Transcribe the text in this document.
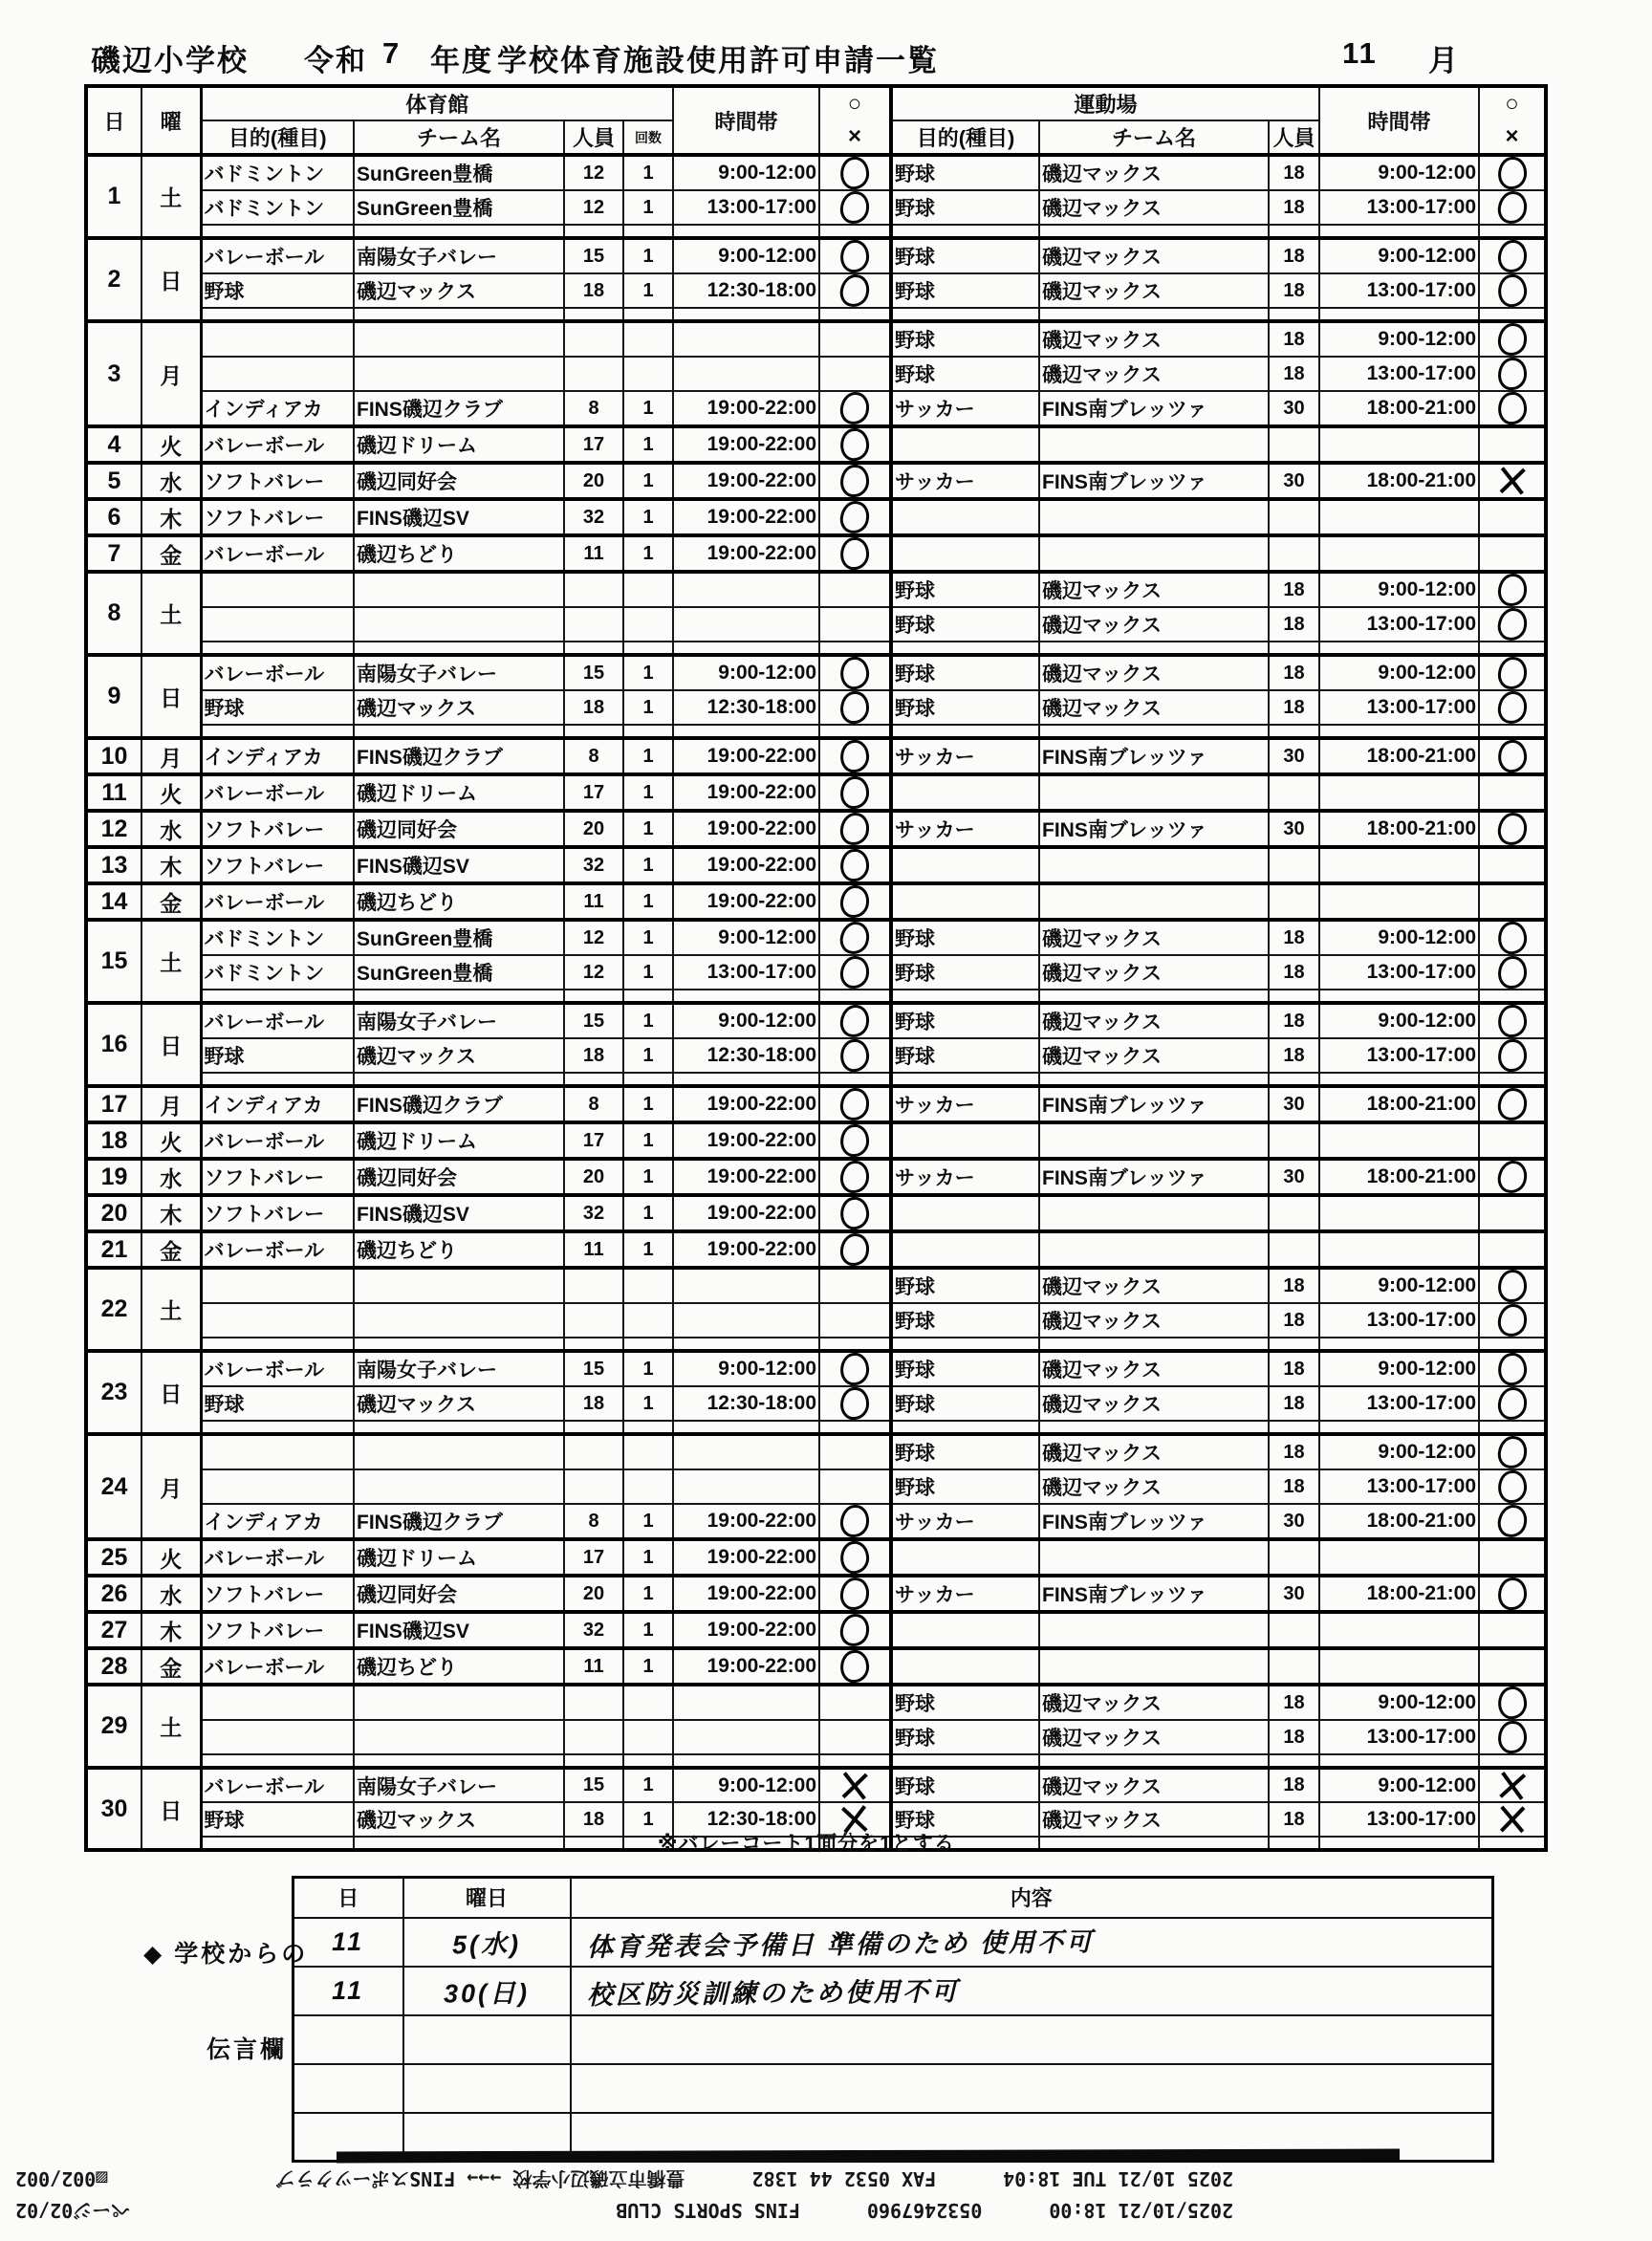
磯辺小学校 令和 7 年度 学校体育施設使用許可申請一覧	11 月
日	曜	体育館				時間帯	○	運動場			時間帯	○
		目的(種目)	チーム名	人員	回数		×	目的(種目)	チーム名	人員		×
1	土	バドミントン	SunGreen豊橋	12	1	9:00-12:00		野球	磯辺マックス	18	9:00-12:00	
		バドミントン	SunGreen豊橋	12	1	13:00-17:00		野球	磯辺マックス	18	13:00-17:00	

2	日	バレーボール	南陽女子バレー	15	1	9:00-12:00		野球	磯辺マックス	18	9:00-12:00	
		野球	磯辺マックス	18	1	12:30-18:00		野球	磯辺マックス	18	13:00-17:00	

3	月							野球	磯辺マックス	18	9:00-12:00	
								野球	磯辺マックス	18	13:00-17:00	
		インディアカ	FINS磯辺クラブ	8	1	19:00-22:00		サッカー	FINS南ブレッツァ	30	18:00-21:00	
4	火	バレーボール	磯辺ドリーム	17	1	19:00-22:00						
5	水	ソフトバレー	磯辺同好会	20	1	19:00-22:00		サッカー	FINS南ブレッツァ	30	18:00-21:00	
6	木	ソフトバレー	FINS磯辺SV	32	1	19:00-22:00						
7	金	バレーボール	磯辺ちどり	11	1	19:00-22:00						
8	土							野球	磯辺マックス	18	9:00-12:00	
								野球	磯辺マックス	18	13:00-17:00	

9	日	バレーボール	南陽女子バレー	15	1	9:00-12:00		野球	磯辺マックス	18	9:00-12:00	
		野球	磯辺マックス	18	1	12:30-18:00		野球	磯辺マックス	18	13:00-17:00	

10	月	インディアカ	FINS磯辺クラブ	8	1	19:00-22:00		サッカー	FINS南ブレッツァ	30	18:00-21:00	
11	火	バレーボール	磯辺ドリーム	17	1	19:00-22:00						
12	水	ソフトバレー	磯辺同好会	20	1	19:00-22:00		サッカー	FINS南ブレッツァ	30	18:00-21:00	
13	木	ソフトバレー	FINS磯辺SV	32	1	19:00-22:00						
14	金	バレーボール	磯辺ちどり	11	1	19:00-22:00						
15	土	バドミントン	SunGreen豊橋	12	1	9:00-12:00		野球	磯辺マックス	18	9:00-12:00	
		バドミントン	SunGreen豊橋	12	1	13:00-17:00		野球	磯辺マックス	18	13:00-17:00	

16	日	バレーボール	南陽女子バレー	15	1	9:00-12:00		野球	磯辺マックス	18	9:00-12:00	
		野球	磯辺マックス	18	1	12:30-18:00		野球	磯辺マックス	18	13:00-17:00	

17	月	インディアカ	FINS磯辺クラブ	8	1	19:00-22:00		サッカー	FINS南ブレッツァ	30	18:00-21:00	
18	火	バレーボール	磯辺ドリーム	17	1	19:00-22:00						
19	水	ソフトバレー	磯辺同好会	20	1	19:00-22:00		サッカー	FINS南ブレッツァ	30	18:00-21:00	
20	木	ソフトバレー	FINS磯辺SV	32	1	19:00-22:00						
21	金	バレーボール	磯辺ちどり	11	1	19:00-22:00						
22	土							野球	磯辺マックス	18	9:00-12:00	
								野球	磯辺マックス	18	13:00-17:00	

23	日	バレーボール	南陽女子バレー	15	1	9:00-12:00		野球	磯辺マックス	18	9:00-12:00	
		野球	磯辺マックス	18	1	12:30-18:00		野球	磯辺マックス	18	13:00-17:00	

24	月							野球	磯辺マックス	18	9:00-12:00	
								野球	磯辺マックス	18	13:00-17:00	
		インディアカ	FINS磯辺クラブ	8	1	19:00-22:00		サッカー	FINS南ブレッツァ	30	18:00-21:00	
25	火	バレーボール	磯辺ドリーム	17	1	19:00-22:00						
26	水	ソフトバレー	磯辺同好会	20	1	19:00-22:00		サッカー	FINS南ブレッツァ	30	18:00-21:00	
27	木	ソフトバレー	FINS磯辺SV	32	1	19:00-22:00						
28	金	バレーボール	磯辺ちどり	11	1	19:00-22:00						
29	土							野球	磯辺マックス	18	9:00-12:00	
								野球	磯辺マックス	18	13:00-17:00	

30	日	バレーボール	南陽女子バレー	15	1	9:00-12:00		野球	磯辺マックス	18	9:00-12:00	
		野球	磯辺マックス	18	1	12:30-18:00		野球	磯辺マックス	18	13:00-17:00	

※バレーコート1面分を1とする
◆ 学校からの
伝言欄
日	曜日	内容
11	5(水)	体育発表会予備日 準備のため 使用不可
11	30(日)	校区防災訓練のため使用不可

2025/10/21 18:00
0532467960
FINS SPORTS CLUB
ページ02/02
2025 10/21 TUE 18:04
FAX 0532 44 1382
豊橋市立磯辺小学校 →→→ FINSスポーツクラブ
▨002/002
